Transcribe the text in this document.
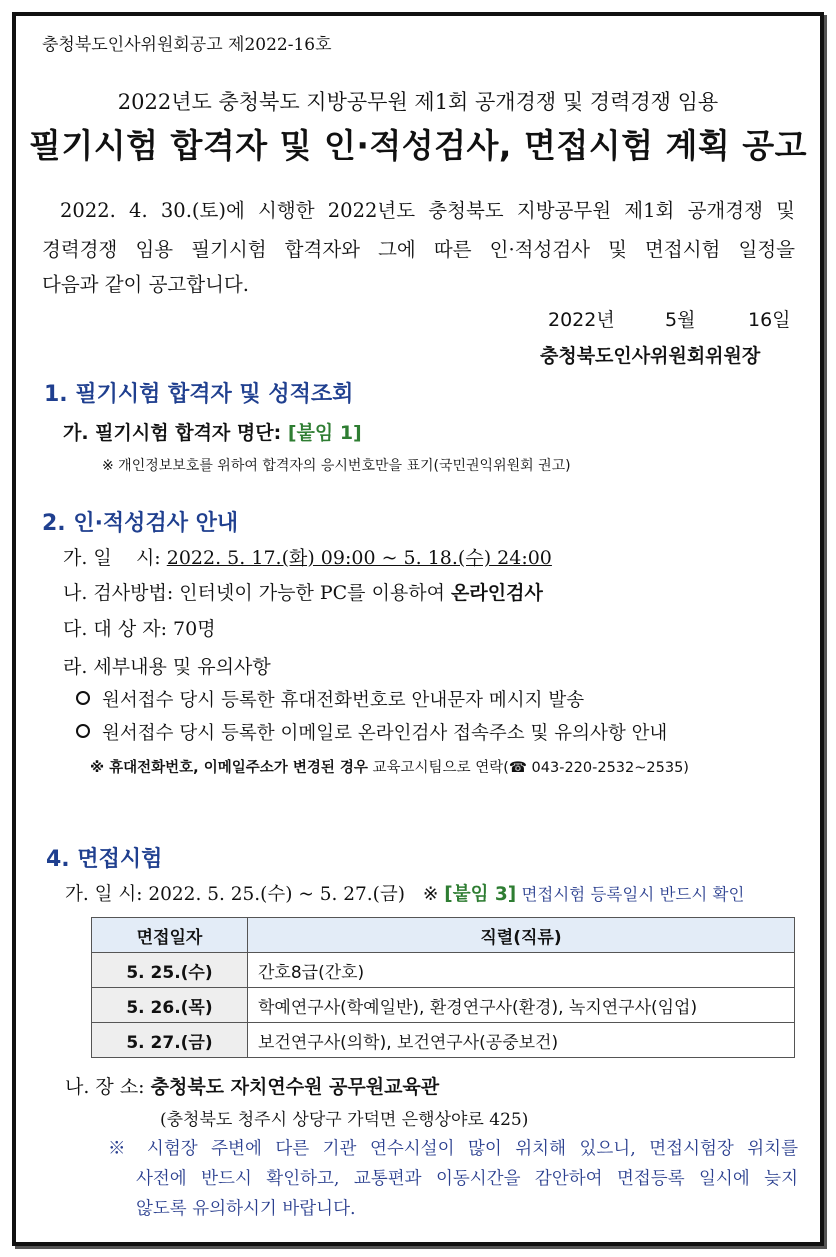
충청북도인사위원회공고 제2022-16호
2022년도 충청북도 지방공무원 제1회 공개경쟁 및 경력경쟁 임용
필기시험 합격자 및 인·적성검사, 면접시험 계획 공고
2022. 4. 30.(토)에 시행한 2022년도 충청북도 지방공무원 제1회 공개경쟁 및
경력경쟁 임용 필기시험 합격자와 그에 따른 인·적성검사 및 면접시험 일정을
다음과 같이 공고합니다.
2022년	5월	16일
충청북도인사위원회위원장
1. 필기시험 합격자 및 성적조회
가. 필기시험 합격자 명단: [붙임 1]
※ 개인정보보호를 위하여 합격자의 응시번호만을 표기(국민권익위원회 권고)
2. 인·적성검사 안내
가. 일    시: 2022. 5. 17.(화) 09:00 ~ 5. 18.(수) 24:00
나. 검사방법: 인터넷이 가능한 PC를 이용하여 온라인검사
다. 대 상 자: 70명
라. 세부내용 및 유의사항
원서접수 당시 등록한 휴대전화번호로 안내문자 메시지 발송
원서접수 당시 등록한 이메일로 온라인검사 접속주소 및 유의사항 안내
※ 휴대전화번호, 이메일주소가 변경된 경우 교육고시팀으로 연락(☎ 043-220-2532~2535)
4. 면접시험
가. 일 시: 2022. 5. 25.(수) ~ 5. 27.(금) ※ [붙임 3] 면접시험 등록일시 반드시 확인
면접일자	직렬(직류)
5. 25.(수)	간호8급(간호)
5. 26.(목)	학예연구사(학예일반), 환경연구사(환경), 녹지연구사(임업)
5. 27.(금)	보건연구사(의학), 보건연구사(공중보건)
나. 장 소: 충청북도 자치연수원 공무원교육관
(충청북도 청주시 상당구 가덕면 은행상야로 425)
※ 시험장 주변에 다른 기관 연수시설이 많이 위치해 있으니, 면접시험장 위치를
사전에 반드시 확인하고, 교통편과 이동시간을 감안하여 면접등록 일시에 늦지
않도록 유의하시기 바랍니다.
